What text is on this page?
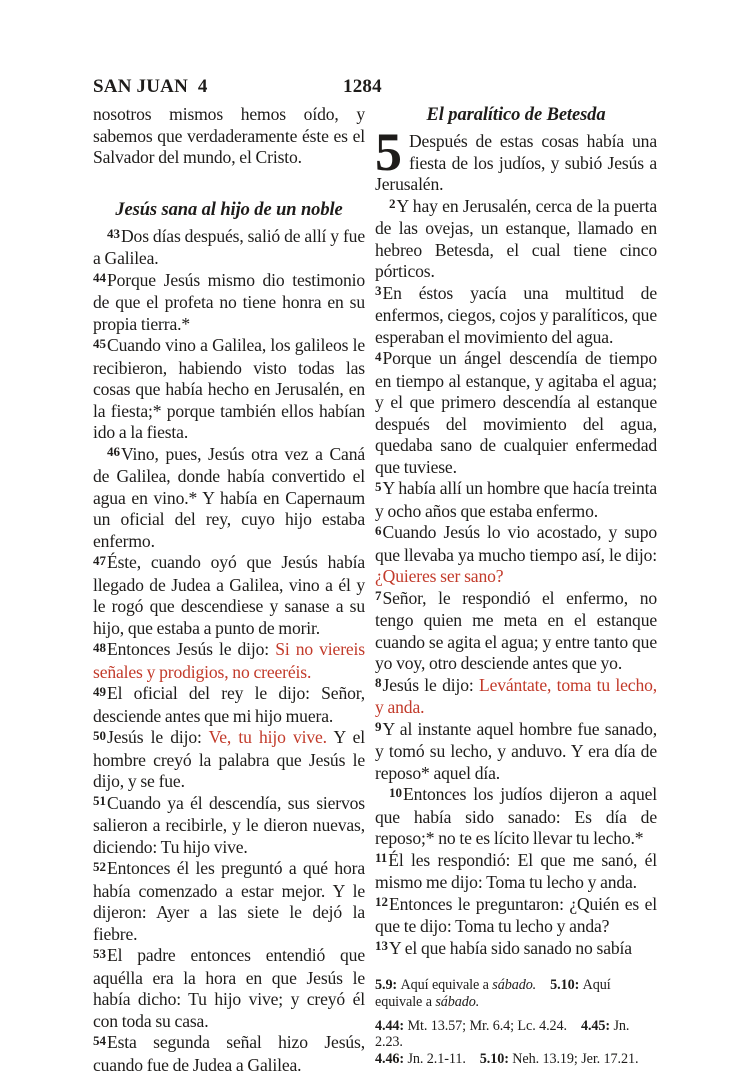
SAN JUAN  4	1284

nosotros mismos hemos oído, y sabemos que verdaderamente éste es el Salvador del mundo, el Cristo.

Jesús sana al hijo de un noble

43Dos días después, salió de allí y fue a Galilea.

44Porque Jesús mismo dio testimonio de que el profeta no tiene honra en su propia tierra.*

45Cuando vino a Galilea, los galileos le recibieron, habiendo visto todas las cosas que había hecho en Jerusalén, en la fiesta;* porque también ellos habían ido a la fiesta.

46Vino, pues, Jesús otra vez a Caná de Galilea, donde había convertido el agua en vino.* Y había en Capernaum un oficial del rey, cuyo hijo estaba enfermo.

47Éste, cuando oyó que Jesús había llegado de Judea a Galilea, vino a él y le rogó que descendiese y sanase a su hijo, que estaba a punto de morir.

48Entonces Jesús le dijo: Si no viereis señales y prodigios, no creeréis.

49El oficial del rey le dijo: Señor, desciende antes que mi hijo muera.

50Jesús le dijo: Ve, tu hijo vive. Y el hombre creyó la palabra que Jesús le dijo, y se fue.

51Cuando ya él descendía, sus siervos salieron a recibirle, y le dieron nuevas, diciendo: Tu hijo vive.

52Entonces él les preguntó a qué hora había comenzado a estar mejor. Y le dijeron: Ayer a las siete le dejó la fiebre.

53El padre entonces entendió que aquélla era la hora en que Jesús le había dicho: Tu hijo vive; y creyó él con toda su casa.

54Esta segunda señal hizo Jesús, cuando fue de Judea a Galilea.

El paralítico de Betesda

5 Después de estas cosas había una fiesta de los judíos, y subió Jesús a Jerusalén.

2Y hay en Jerusalén, cerca de la puerta de las ovejas, un estanque, llamado en hebreo Betesda, el cual tiene cinco pórticos.

3En éstos yacía una multitud de enfermos, ciegos, cojos y paralíticos, que esperaban el movimiento del agua.

4Porque un ángel descendía de tiempo en tiempo al estanque, y agitaba el agua; y el que primero descendía al estanque después del movimiento del agua, quedaba sano de cualquier enfermedad que tuviese.

5Y había allí un hombre que hacía treinta y ocho años que estaba enfermo.

6Cuando Jesús lo vio acostado, y supo que llevaba ya mucho tiempo así, le dijo: ¿Quieres ser sano?

7Señor, le respondió el enfermo, no tengo quien me meta en el estanque cuando se agita el agua; y entre tanto que yo voy, otro desciende antes que yo.

8Jesús le dijo: Levántate, toma tu lecho, y anda.

9Y al instante aquel hombre fue sanado, y tomó su lecho, y anduvo. Y era día de reposo* aquel día.

10Entonces los judíos dijeron a aquel que había sido sanado: Es día de reposo;* no te es lícito llevar tu lecho.*

11Él les respondió: El que me sanó, él mismo me dijo: Toma tu lecho y anda.

12Entonces le preguntaron: ¿Quién es el que te dijo: Toma tu lecho y anda?

13Y el que había sido sanado no sabía

5.9: Aquí equivale a sábado.   5.10: Aquí equivale a sábado.

4.44: Mt. 13.57; Mr. 6.4; Lc. 4.24.  4.45: Jn. 2.23.

4.46: Jn. 2.1-11.  5.10: Neh. 13.19; Jer. 17.21.
